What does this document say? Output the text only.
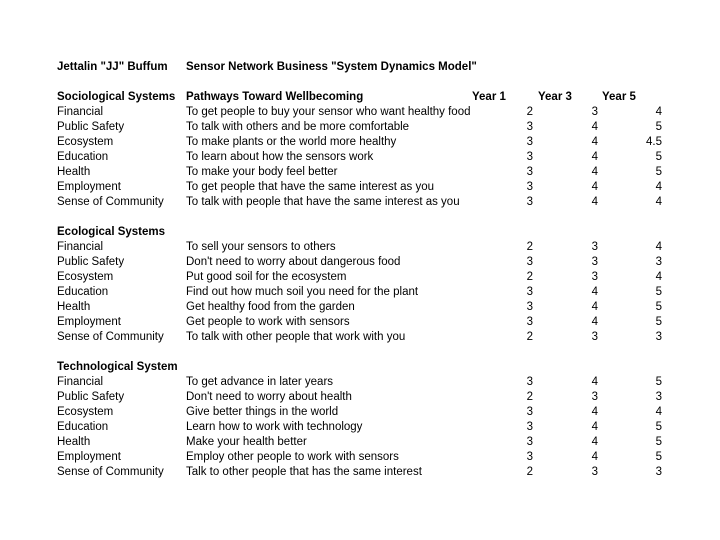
Jettalin "JJ" Buffum Sensor Network Business "System Dynamics Model"
Sociological Systems Pathways Toward Wellbecoming	Year 1	Year 3	Year 5
Financial	To get people to buy your sensor who want healthy food	2	3	4
Public Safety	To talk with others and be more comfortable	3	4	5
Ecosystem	To make plants or the world more healthy	3	4	4.5
Education	To learn about how the sensors work	3	4	5
Health	To make your body feel better	3	4	5
Employment	To get people that have the same interest as you	3	4	4
Sense of Community To talk with people that have the same interest as you	3	4	4
Ecological Systems
Financial	To sell your sensors to others	2	3	4
Public Safety	Don't need to worry about dangerous food	3	3	3
Ecosystem	Put good soil for the ecosystem	2	3	4
Education	Find out how much soil you need for the plant	3	4	5
Health	Get healthy food from the garden	3	4	5
Employment	Get people to work with sensors	3	4	5
Sense of Community To talk with other people that work with you	2	3	3
Technological System
Financial	To get advance in later years	3	4	5
Public Safety	Don't need to worry about health	2	3	3
Ecosystem	Give better things in the world	3	4	4
Education	Learn how to work with technology	3	4	5
Health	Make your health better	3	4	5
Employment	Employ other people to work with sensors	3	4	5
Sense of Community Talk to other people that has the same interest	2	3	3
